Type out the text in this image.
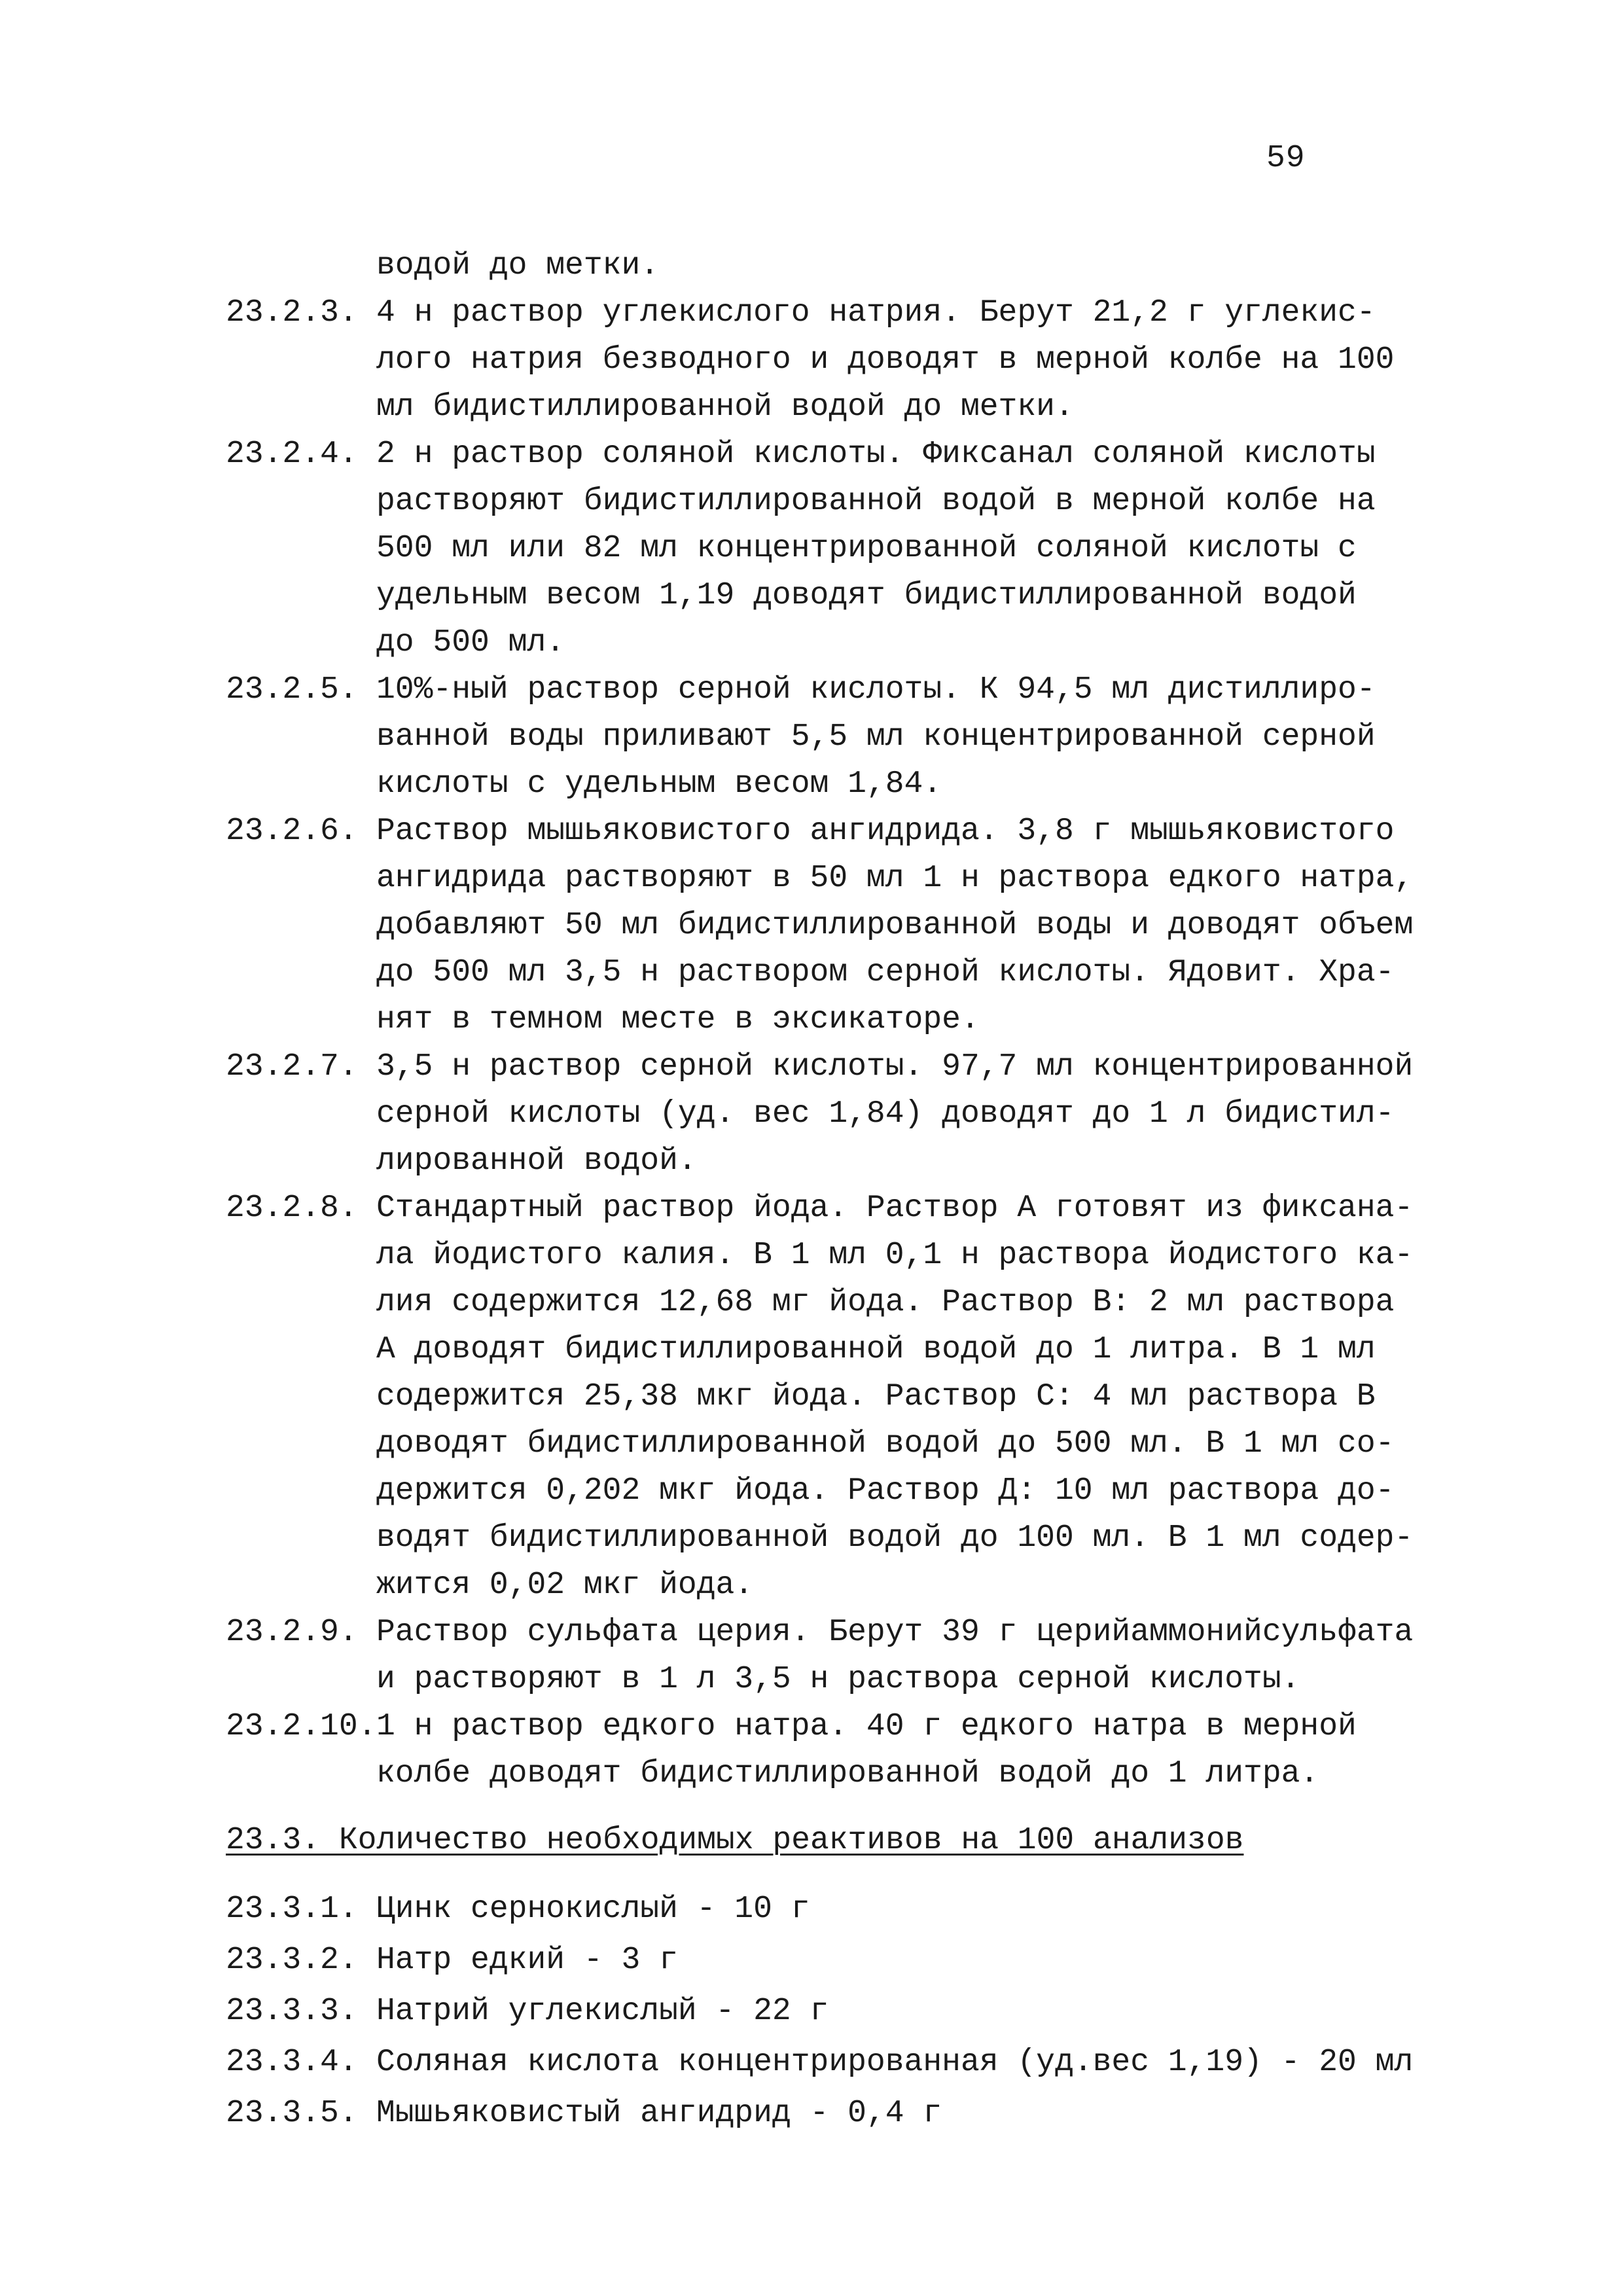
59
водой до метки.
23.2.3. 4 н раствор углекислого натрия. Берут 21,2 г углекис-
лого натрия безводного и доводят в мерной колбе на 100
мл бидистиллированной водой до метки.
23.2.4. 2 н раствор соляной кислоты. Фиксанал соляной кислоты
растворяют бидистиллированной водой в мерной колбе на
500 мл или 82 мл концентрированной соляной кислоты с
удельным весом 1,19 доводят бидистиллированной водой
до 500 мл.
23.2.5. 10%-ный раствор серной кислоты. К 94,5 мл дистиллиро-
ванной воды приливают 5,5 мл концентрированной серной
кислоты с удельным весом 1,84.
23.2.6. Раствор мышьяковистого ангидрида. 3,8 г мышьяковистого
ангидрида растворяют в 50 мл 1 н раствора едкого натра,
добавляют 50 мл бидистиллированной воды и доводят объем
до 500 мл 3,5 н раствором серной кислоты. Ядовит. Хра-
нят в темном месте в эксикаторе.
23.2.7. 3,5 н раствор серной кислоты. 97,7 мл концентрированной
серной кислоты (уд. вес 1,84) доводят до 1 л бидистил-
лированной водой.
23.2.8. Стандартный раствор йода. Раствор А готовят из фиксана-
ла йодистого калия. В 1 мл 0,1 н раствора йодистого ка-
лия содержится 12,68 мг йода. Раствор В: 2 мл раствора
А доводят бидистиллированной водой до 1 литра. В 1 мл
содержится 25,38 мкг йода. Раствор С: 4 мл раствора В
доводят бидистиллированной водой до 500 мл. В 1 мл со-
держится 0,202 мкг йода. Раствор Д: 10 мл раствора до-
водят бидистиллированной водой до 100 мл. В 1 мл содер-
жится 0,02 мкг йода.
23.2.9. Раствор сульфата церия. Берут 39 г церийаммонийсульфата
и растворяют в 1 л 3,5 н раствора серной кислоты.
23.2.10.1 н раствор едкого натра. 40 г едкого натра в мерной
колбе доводят бидистиллированной водой до 1 литра.
23.3. Количество необходимых реактивов на 100 анализов
23.3.1. Цинк сернокислый - 10 г
23.3.2. Натр едкий - 3 г
23.3.3. Натрий углекислый - 22 г
23.3.4. Соляная кислота концентрированная (уд.вес 1,19) - 20 мл
23.3.5. Мышьяковистый ангидрид - 0,4 г
